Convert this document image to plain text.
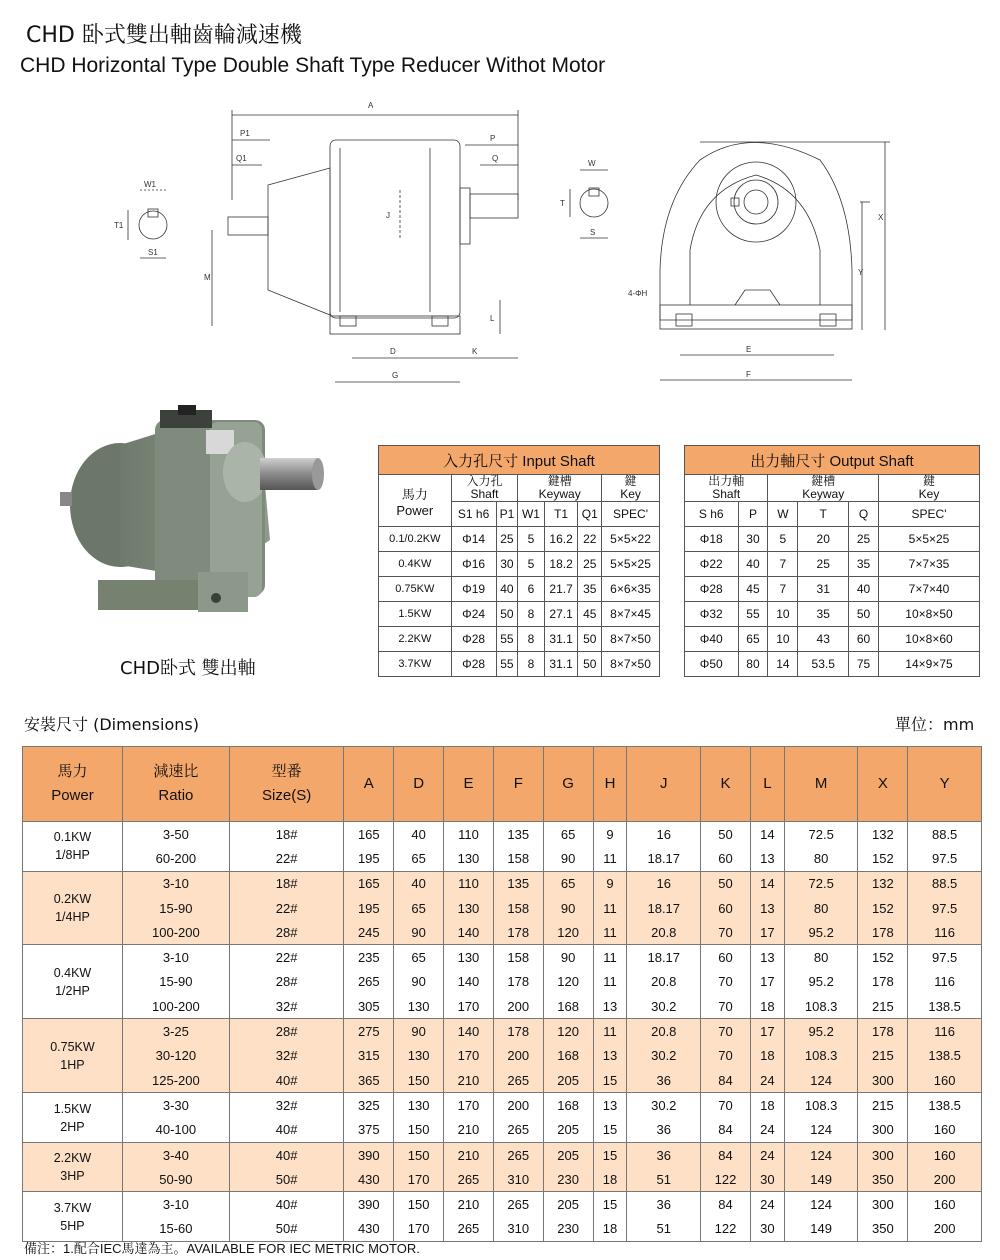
CHD 卧式雙出軸齒輪減速機
CHD Horizontal Type Double Shaft Type Reducer Withot Motor
W1
T1
S1
A
P1
Q1
P
Q
J
M
L
D	K
G
W
T
S
X
Y
4-ΦH
E
F
CHD卧式 雙出軸
入力孔尺寸 Input Shaft						
馬力
Power	入力孔
Shaft		鍵槽
Keyway			鍵
Key
	S1 h6	P1	W1	T1	Q1	SPEC'
0.1/0.2KW	Φ14	25	5	16.2	22	5×5×22
0.4KW	Φ16	30	5	18.2	25	5×5×25
0.75KW	Φ19	40	6	21.7	35	6×6×35
1.5KW	Φ24	50	8	27.1	45	8×7×45
2.2KW	Φ28	55	8	31.1	50	8×7×50
3.7KW	Φ28	55	8	31.1	50	8×7×50
出力軸尺寸 Output Shaft					
出力軸
Shaft		鍵槽
Keyway			鍵
Key
S h6	P	W	T	Q	SPEC'
Φ18	30	5	20	25	5×5×25
Φ22	40	7	25	35	7×7×35
Φ28	45	7	31	40	7×7×40
Φ32	55	10	35	50	10×8×50
Φ40	65	10	43	60	10×8×60
Φ50	80	14	53.5	75	14×9×75
安裝尺寸 (Dimensions)	單位：mm
馬力
Power	減速比
Ratio	型番
Size(S)	A	D	E	F	G	H	J	K	L	M	X	Y
0.1KW
1/8HP	3-50	18#	165	40	110	135	65	9	16	50	14	72.5	132	88.5
	60-200	22#	195	65	130	158	90	11	18.17	60	13	80	152	97.5
0.2KW
1/4HP	3-10	18#	165	40	110	135	65	9	16	50	14	72.5	132	88.5
	15-90	22#	195	65	130	158	90	11	18.17	60	13	80	152	97.5
	100-200	28#	245	90	140	178	120	11	20.8	70	17	95.2	178	116
0.4KW
1/2HP	3-10	22#	235	65	130	158	90	11	18.17	60	13	80	152	97.5
	15-90	28#	265	90	140	178	120	11	20.8	70	17	95.2	178	116
	100-200	32#	305	130	170	200	168	13	30.2	70	18	108.3	215	138.5
0.75KW
1HP	3-25	28#	275	90	140	178	120	11	20.8	70	17	95.2	178	116
	30-120	32#	315	130	170	200	168	13	30.2	70	18	108.3	215	138.5
	125-200	40#	365	150	210	265	205	15	36	84	24	124	300	160
1.5KW
2HP	3-30	32#	325	130	170	200	168	13	30.2	70	18	108.3	215	138.5
	40-100	40#	375	150	210	265	205	15	36	84	24	124	300	160
2.2KW
3HP	3-40	40#	390	150	210	265	205	15	36	84	24	124	300	160
	50-90	50#	430	170	265	310	230	18	51	122	30	149	350	200
3.7KW
5HP	3-10	40#	390	150	210	265	205	15	36	84	24	124	300	160
	15-60	50#	430	170	265	310	230	18	51	122	30	149	350	200
備注：1.配合IEC馬達為主。AVAILABLE FOR IEC METRIC MOTOR.
